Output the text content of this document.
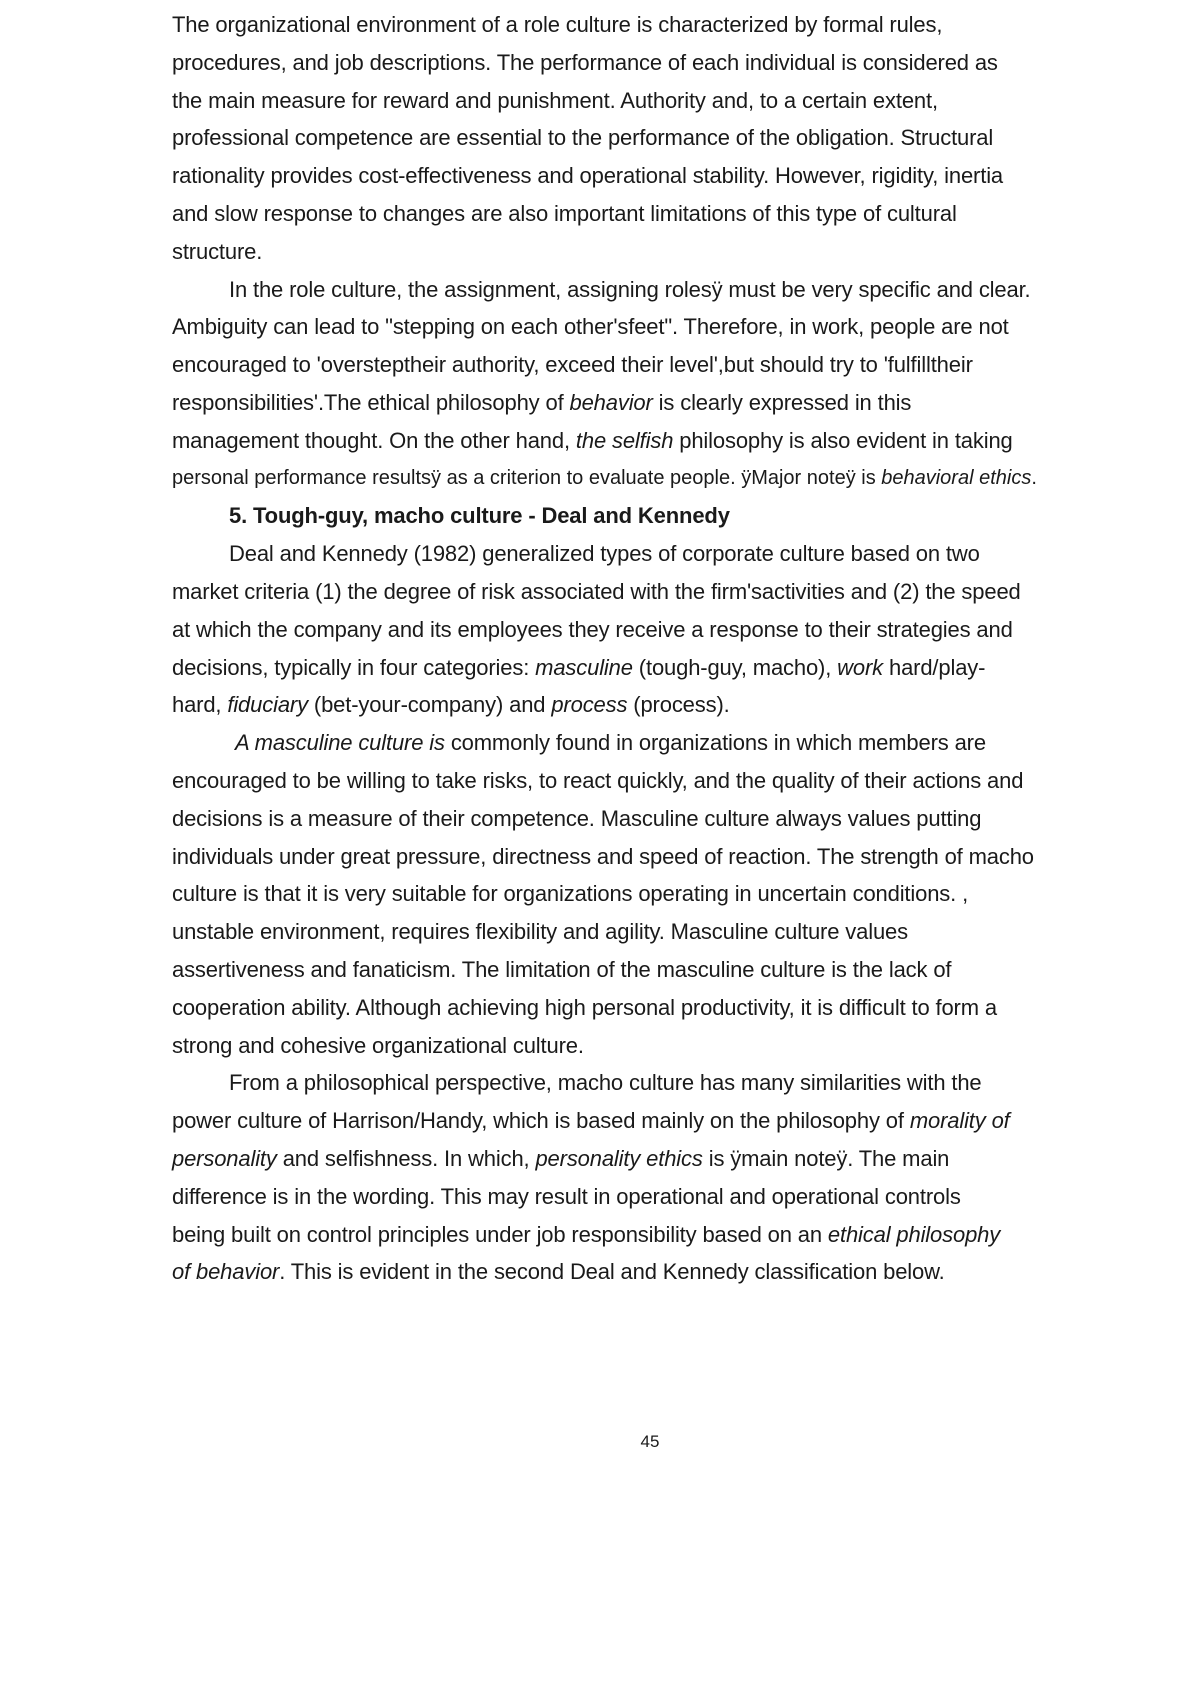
The organizational environment of a role culture is characterized by formal rules,
procedures, and job descriptions. The performance of each individual is considered as
the main measure for reward and punishment. Authority and, to a certain extent,
professional competence are essential to the performance of the obligation. Structural
rationality provides cost-effectiveness and operational stability. However, rigidity, inertia
and slow response to changes are also important limitations of this type of cultural
structure.
In the role culture, the assignment, assigning rolesÿ must be very specific and clear.
Ambiguity can lead to "stepping on each other'sfeet". Therefore, in work, people are not
encouraged to 'oversteptheir authority, exceed their level',but should try to 'fulfilltheir
responsibilities'.The ethical philosophy of behavior is clearly expressed in this
management thought. On the other hand, the selfish philosophy is also evident in taking
personal performance resultsÿ as a criterion to evaluate people. ÿMajor noteÿ is behavioral ethics.
5. Tough-guy, macho culture - Deal and Kennedy
Deal and Kennedy (1982) generalized types of corporate culture based on two
market criteria (1) the degree of risk associated with the firm'sactivities and (2) the speed
at which the company and its employees they receive a response to their strategies and
decisions, typically in four categories: masculine (tough-guy, macho), work hard/play-
hard, fiduciary (bet-your-company) and process (process).
A masculine culture is commonly found in organizations in which members are
encouraged to be willing to take risks, to react quickly, and the quality of their actions and
decisions is a measure of their competence. Masculine culture always values putting
individuals under great pressure, directness and speed of reaction. The strength of macho
culture is that it is very suitable for organizations operating in uncertain conditions. ,
unstable environment, requires flexibility and agility. Masculine culture values
assertiveness and fanaticism. The limitation of the masculine culture is the lack of
cooperation ability. Although achieving high personal productivity, it is difficult to form a
strong and cohesive organizational culture.
From a philosophical perspective, macho culture has many similarities with the
power culture of Harrison/Handy, which is based mainly on the philosophy of morality of
personality and selfishness. In which, personality ethics is ÿmain noteÿ. The main
difference is in the wording. This may result in operational and operational controls
being built on control principles under job responsibility based on an ethical philosophy
of behavior. This is evident in the second Deal and Kennedy classification below.
45
